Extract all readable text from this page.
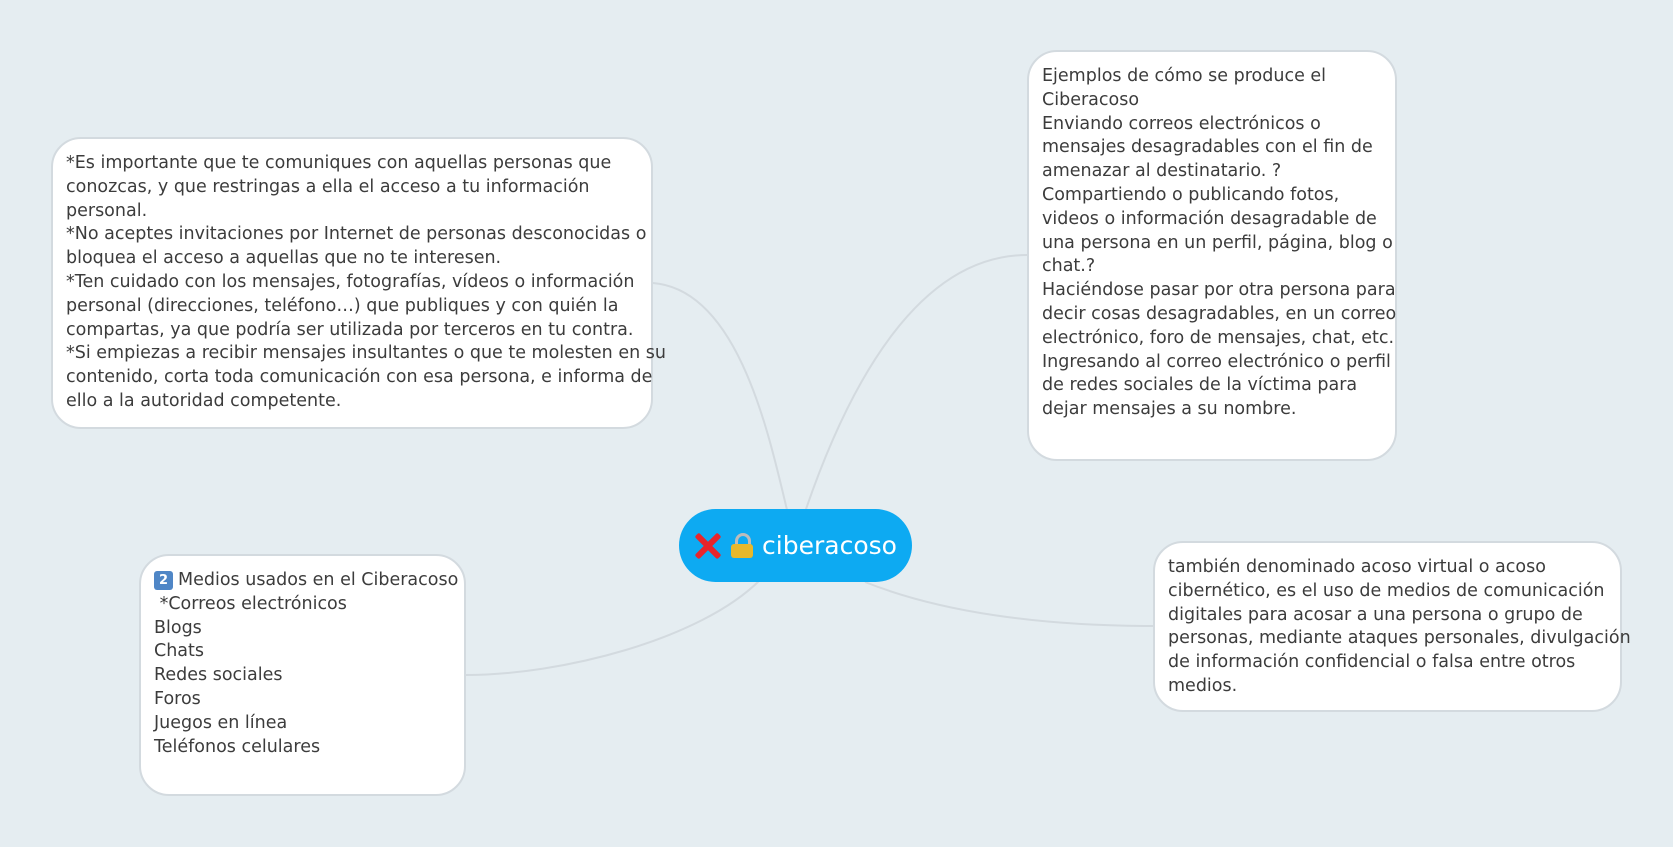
*Es importante que te comuniques con aquellas personas que
conozcas, y que restringas a ella el acceso a tu información
personal.
*No aceptes invitaciones por Internet de personas desconocidas o
bloquea el acceso a aquellas que no te interesen.
*Ten cuidado con los mensajes, fotografías, vídeos o información
personal (direcciones, teléfono…) que publiques y con quién la
compartas, ya que podría ser utilizada por terceros en tu contra.
*Si empiezas a recibir mensajes insultantes o que te molesten en su
contenido, corta toda comunicación con esa persona, e informa de
ello a la autoridad competente.
Ejemplos de cómo se produce el
Ciberacoso
Enviando correos electrónicos o
mensajes desagradables con el fin de
amenazar al destinatario. ?
Compartiendo o publicando fotos,
videos o información desagradable de
una persona en un perfil, página, blog o
chat.?
Haciéndose pasar por otra persona para
decir cosas desagradables, en un correo
electrónico, foro de mensajes, chat, etc.
Ingresando al correo electrónico o perfil
de redes sociales de la víctima para
dejar mensajes a su nombre.
también denominado acoso virtual o acoso
cibernético, es el uso de medios de comunicación
digitales para acosar a una persona o grupo de
personas, mediante ataques personales, divulgación
de información confidencial o falsa entre otros
medios.
2 Medios usados en el Ciberacoso
*Correos electrónicos
Blogs
Chats
Redes sociales
Foros
Juegos en línea
Teléfonos celulares
ciberacoso
